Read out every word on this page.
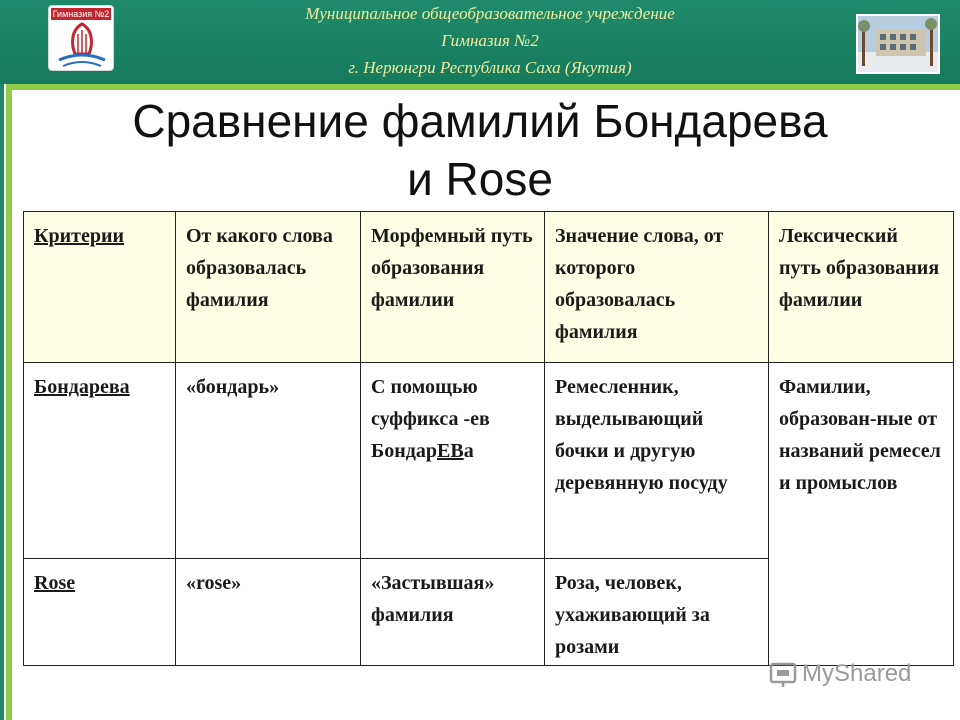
Гимназия №2	Муниципальное общеобразовательное учреждение
Гимназия №2
г. Нерюнгри Республика Саха (Якутия)
Сравнение фамилий Бондарева
и Rose
Критерии	От какого слова образовалась фамилия	Морфемный путь образования фамилии	Значение слова, от которого образовалась фамилия	Лексический путь образования фамилии
Бондарева	«бондарь»	С помощью суффикса -ев БондарЕВа	Ремесленник, выделывающий бочки и другую деревянную посуду	Фамилии, образован-ные от названий ремесел и промыслов
Rose	«rose»	«Застывшая» фамилия	Роза, человек, ухаживающий за розами	
MyShared
